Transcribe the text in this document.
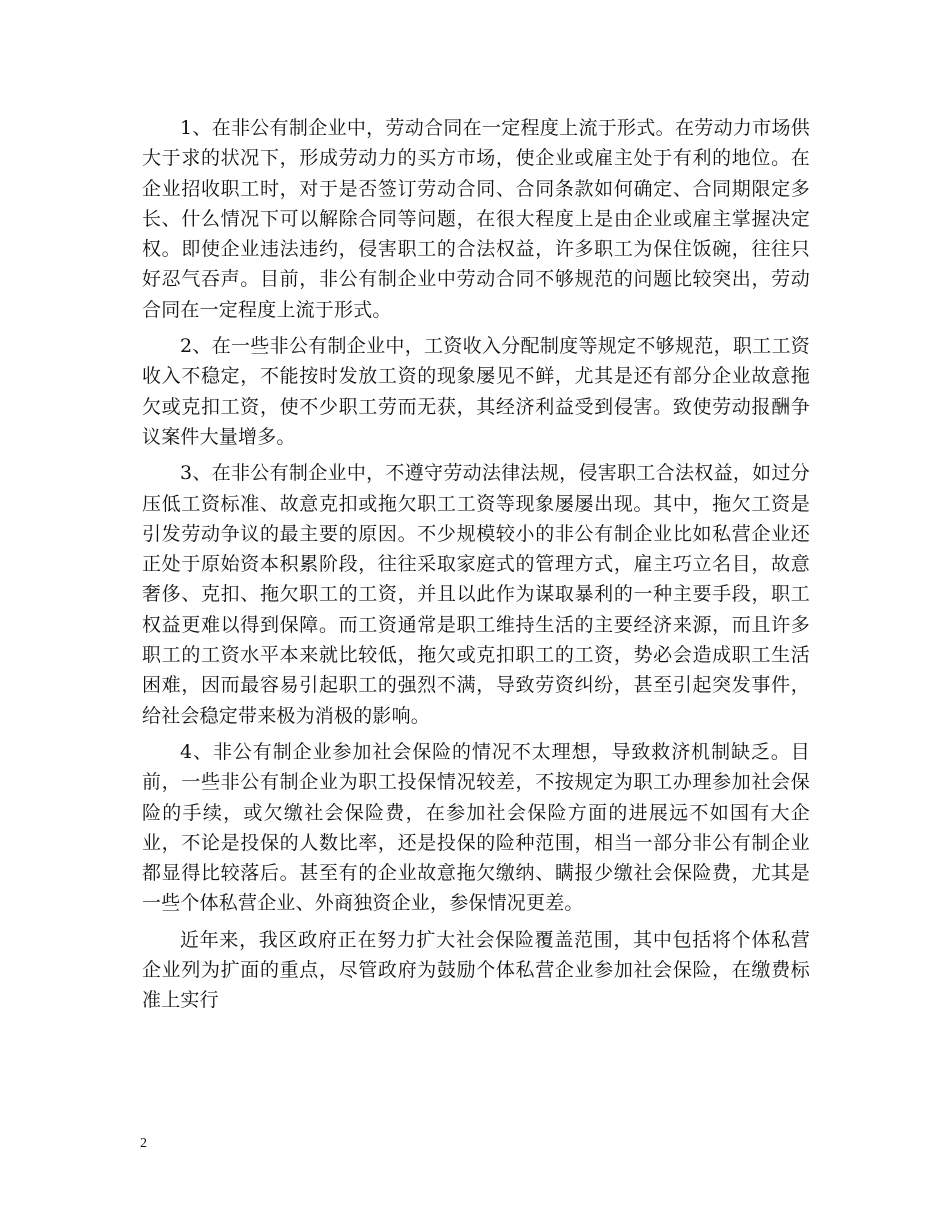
1、在非公有制企业中，劳动合同在一定程度上流于形式。在劳动力市场供大于求的状况下，形成劳动力的买方市场，使企业或雇主处于有利的地位。在企业招收职工时，对于是否签订劳动合同、合同条款如何确定、合同期限定多长、什么情况下可以解除合同等问题，在很大程度上是由企业或雇主掌握决定权。即使企业违法违约，侵害职工的合法权益，许多职工为保住饭碗，往往只好忍气吞声。目前，非公有制企业中劳动合同不够规范的问题比较突出，劳动合同在一定程度上流于形式。

2、在一些非公有制企业中，工资收入分配制度等规定不够规范，职工工资收入不稳定，不能按时发放工资的现象屡见不鲜，尤其是还有部分企业故意拖欠或克扣工资，使不少职工劳而无获，其经济利益受到侵害。致使劳动报酬争议案件大量增多。

3、在非公有制企业中，不遵守劳动法律法规，侵害职工合法权益，如过分压低工资标准、故意克扣或拖欠职工工资等现象屡屡出现。其中，拖欠工资是引发劳动争议的最主要的原因。不少规模较小的非公有制企业比如私营企业还正处于原始资本积累阶段，往往采取家庭式的管理方式，雇主巧立名目，故意奢侈、克扣、拖欠职工的工资，并且以此作为谋取暴利的一种主要手段，职工权益更难以得到保障。而工资通常是职工维持生活的主要经济来源，而且许多职工的工资水平本来就比较低，拖欠或克扣职工的工资，势必会造成职工生活困难，因而最容易引起职工的强烈不满，导致劳资纠纷，甚至引起突发事件，给社会稳定带来极为消极的影响。

4、非公有制企业参加社会保险的情况不太理想，导致救济机制缺乏。目前，一些非公有制企业为职工投保情况较差，不按规定为职工办理参加社会保险的手续，或欠缴社会保险费，在参加社会保险方面的进展远不如国有大企业，不论是投保的人数比率，还是投保的险种范围，相当一部分非公有制企业都显得比较落后。甚至有的企业故意拖欠缴纳、瞒报少缴社会保险费，尤其是一些个体私营企业、外商独资企业，参保情况更差。

近年来，我区政府正在努力扩大社会保险覆盖范围，其中包括将个体私营企业列为扩面的重点，尽管政府为鼓励个体私营企业参加社会保险，在缴费标准上实行

2
